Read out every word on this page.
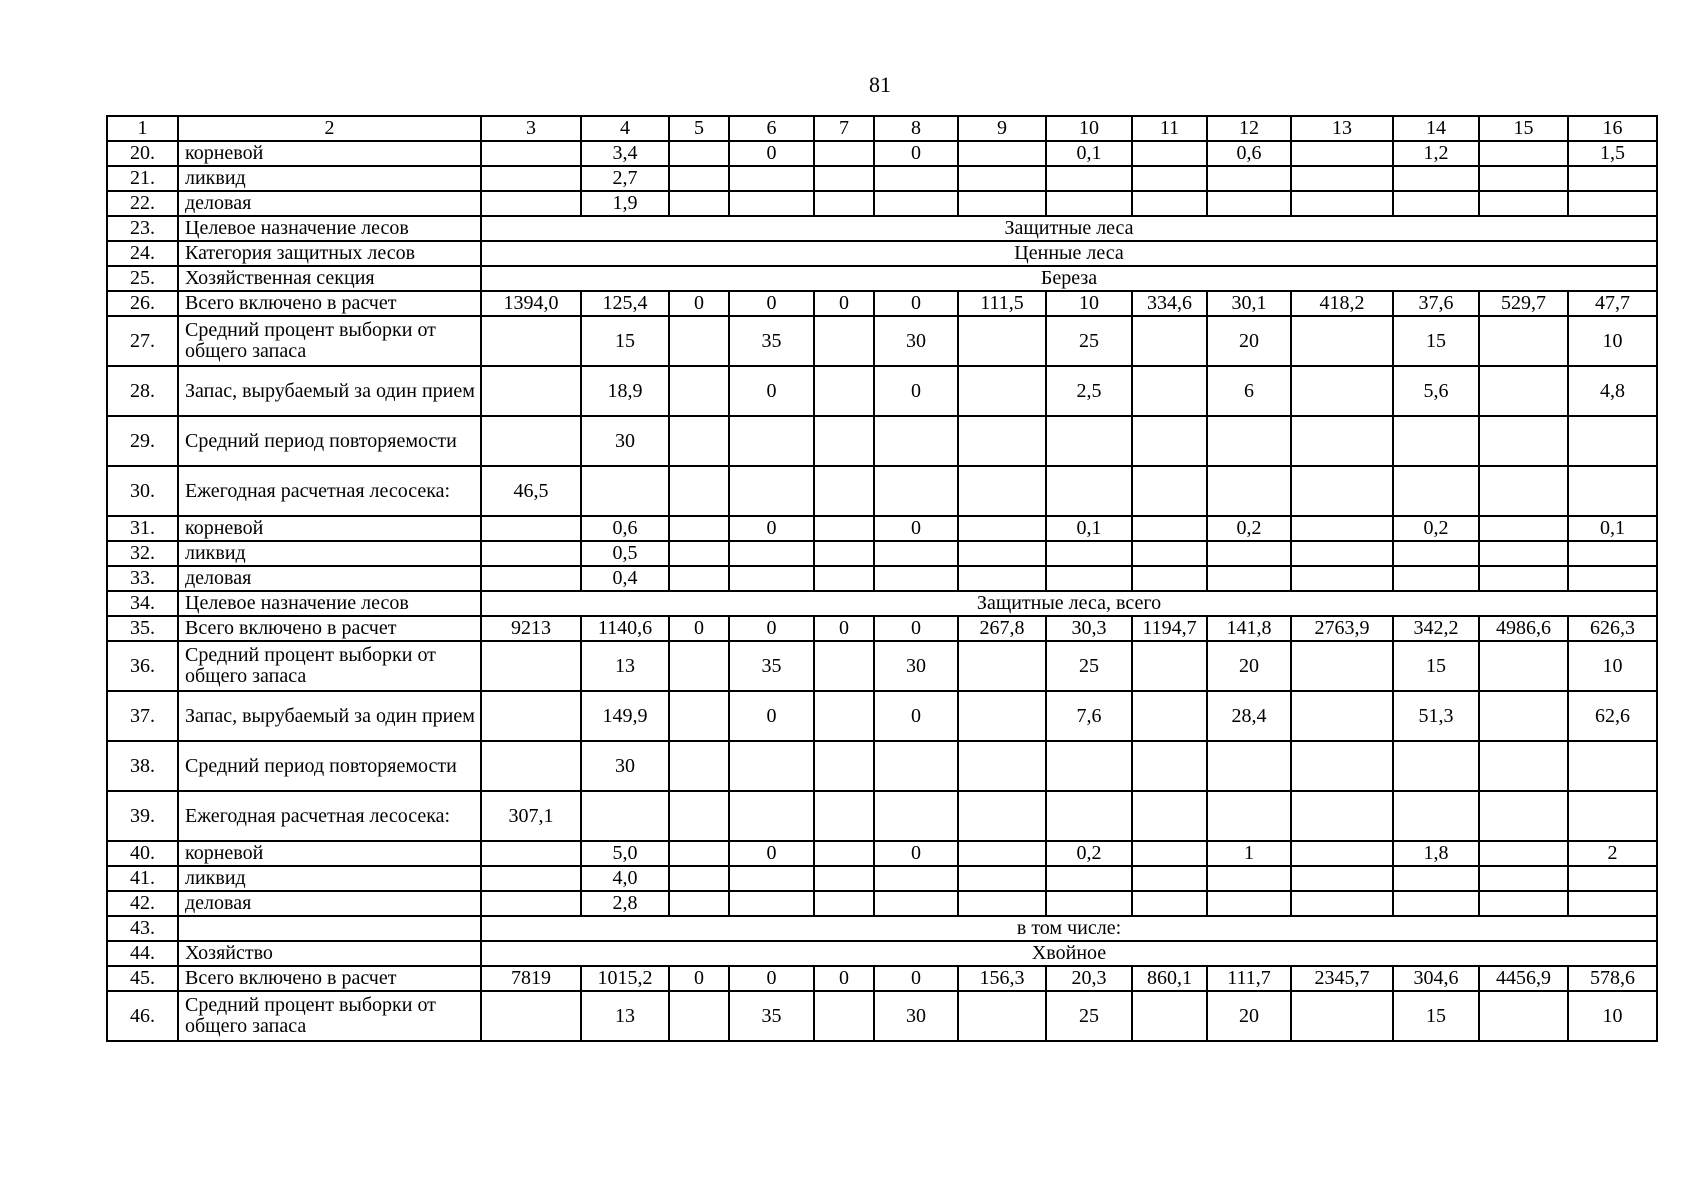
81
1	2	3	4	5	6	7	8	9	10	11	12	13	14	15	16
20.	корневой		3,4		0		0		0,1		0,6		1,2		1,5
21.	ликвид		2,7												
22.	деловая		1,9												
23.	Целевое назначение лесов	Защитные леса													
24.	Категория защитных лесов	Ценные леса													
25.	Хозяйственная секция	Береза													
26.	Всего включено в расчет	1394,0	125,4	0	0	0	0	111,5	10	334,6	30,1	418,2	37,6	529,7	47,7
27.	Средний процент выборки от общего запаса		15		35		30		25		20		15		10
28.	Запас, вырубаемый за один прием		18,9		0		0		2,5		6		5,6		4,8
29.	Средний период повторяемости		30												
30.	Ежегодная расчетная лесосека:	46,5													
31.	корневой		0,6		0		0		0,1		0,2		0,2		0,1
32.	ликвид		0,5												
33.	деловая		0,4												
34.	Целевое назначение лесов	Защитные леса, всего													
35.	Всего включено в расчет	9213	1140,6	0	0	0	0	267,8	30,3	1194,7	141,8	2763,9	342,2	4986,6	626,3
36.	Средний процент выборки от общего запаса		13		35		30		25		20		15		10
37.	Запас, вырубаемый за один прием		149,9		0		0		7,6		28,4		51,3		62,6
38.	Средний период повторяемости		30												
39.	Ежегодная расчетная лесосека:	307,1													
40.	корневой		5,0		0		0		0,2		1		1,8		2
41.	ликвид		4,0												
42.	деловая		2,8												
43.		в том числе:													
44.	Хозяйство	Хвойное													
45.	Всего включено в расчет	7819	1015,2	0	0	0	0	156,3	20,3	860,1	111,7	2345,7	304,6	4456,9	578,6
46.	Средний процент выборки от общего запаса		13		35		30		25		20		15		10
